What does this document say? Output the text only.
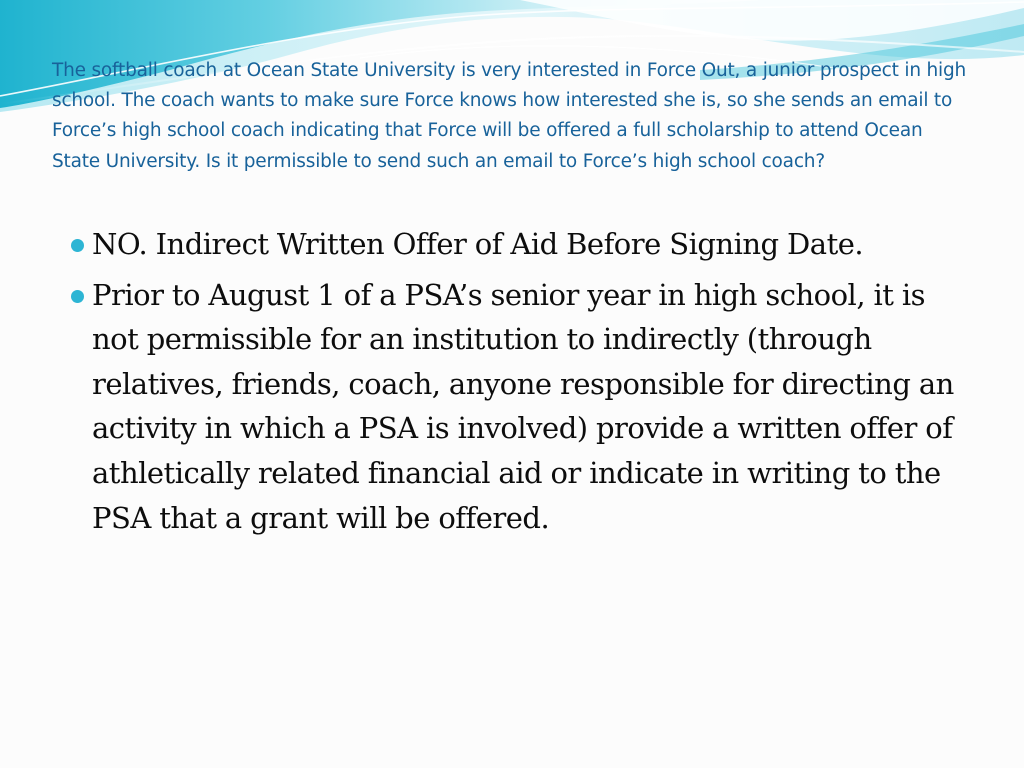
The softball coach at Ocean State University is very interested in Force Out, a junior prospect in high school. The coach wants to make sure Force knows how interested she is, so she sends an email to Force’s high school coach indicating that Force will be offered a full scholarship to attend Ocean State University. Is it permissible to send such an email to Force’s high school coach?
NO. Indirect Written Offer of Aid Before Signing Date.
Prior to August 1 of a PSA’s senior year in high school, it is not permissible for an institution to indirectly (through relatives, friends, coach, anyone responsible for directing an activity in which a PSA is involved) provide a written offer of athletically related financial aid or indicate in writing to the PSA that a grant will be offered.
